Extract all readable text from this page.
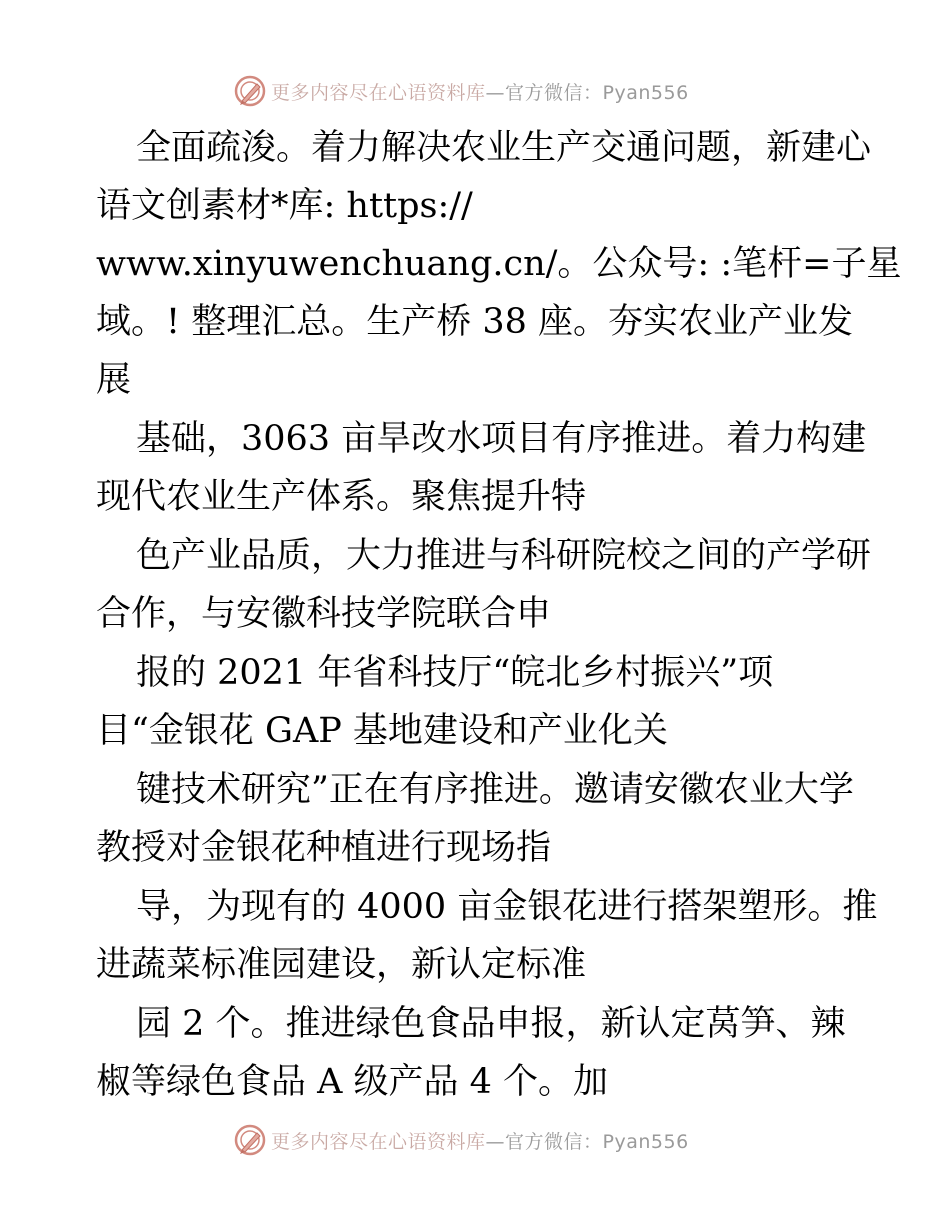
更多内容尽在心语资料库—官方微信：Pyan556
全面疏浚。着力解决农业生产交通问题，新建心
语文创素材*库: https://
www.xinyuwenchuang.cn/。公众号: :笔杆=子星
域。! 整理汇总。生产桥 38 座。夯实农业产业发
展
基础，3063 亩旱改水项目有序推进。着力构建
现代农业生产体系。聚焦提升特
色产业品质，大力推进与科研院校之间的产学研
合作，与安徽科技学院联合申
报的 2021 年省科技厅“皖北乡村振兴”项
目“金银花 GAP 基地建设和产业化关
键技术研究”正在有序推进。邀请安徽农业大学
教授对金银花种植进行现场指
导，为现有的 4000 亩金银花进行搭架塑形。推
进蔬菜标准园建设，新认定标准
园 2 个。推进绿色食品申报，新认定莴笋、辣
椒等绿色食品 A 级产品 4 个。加
更多内容尽在心语资料库—官方微信：Pyan556
